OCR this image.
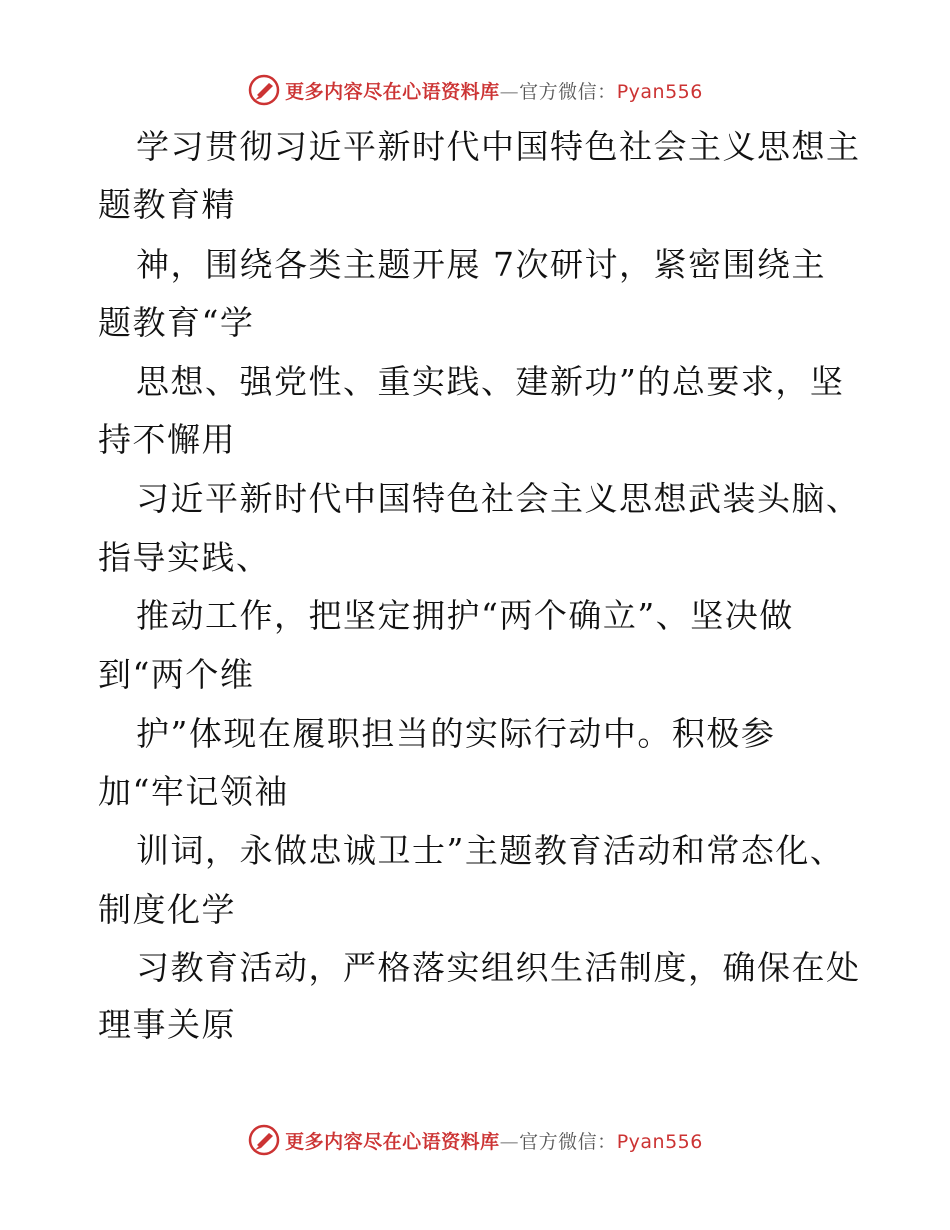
更多内容尽在心语资料库—官方微信：Pyan556
学习贯彻习近平新时代中国特色社会主义思想主
题教育精
神，围绕各类主题开展 7次研讨，紧密围绕主
题教育“学
思想、强党性、重实践、建新功”的总要求，坚
持不懈用
习近平新时代中国特色社会主义思想武装头脑、
指导实践、
推动工作，把坚定拥护“两个确立”、坚决做
到“两个维
护”体现在履职担当的实际行动中。积极参
加“牢记领袖
训词，永做忠诚卫士”主题教育活动和常态化、
制度化学
习教育活动，严格落实组织生活制度，确保在处
理事关原
更多内容尽在心语资料库—官方微信：Pyan556
